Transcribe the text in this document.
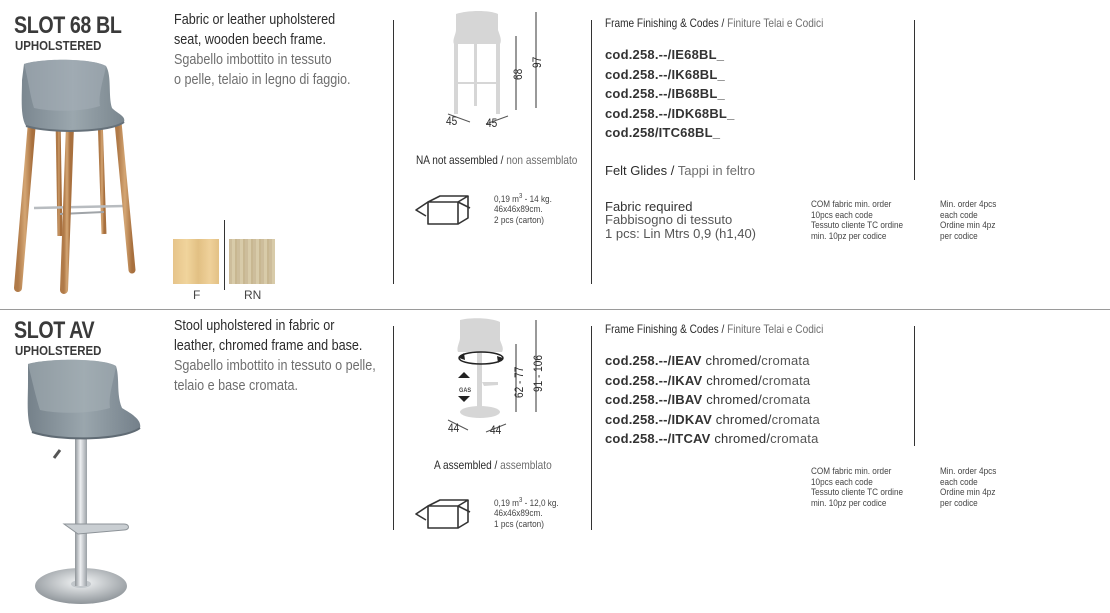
SLOT 68 BL
UPHOLSTERED
Fabric or leather upholstered
seat, wooden beech frame.
Sgabello imbottito in tessuto
o pelle, telaio in legno di faggio.
F	RN
45 45
68
97
NA not assembled / non assemblato
0,19 $m^3 - 14$ kg.
46x46x89cm.
2 pcs (carton)
Frame Finishing & Codes / Finiture Telai e Codici
cod.258.--/IE68BL_
cod.258.--/IK68BL_
cod.258.--/IB68BL_
cod.258.--/IDK68BL_
cod.258/ITC68BL_
Felt Glides / Tappi in feltro
Fabric required
Fabbisogno di tessuto
1 pcs: Lin Mtrs 0,9 (h1,40)
COM fabric min. order
10pcs each code
Tessuto cliente TC ordine
min. 10pz per codice
Min. order 4pcs
each code
Ordine min 4pz
per codice
SLOT AV
UPHOLSTERED
Stool upholstered in fabric or
leather, chromed frame and base.
Sgabello imbottito in tessuto o pelle,
telaio e base cromata.	GAS
44	44
62 - 77 91 - 106
A assembled / assemblato
0,19 $m^3 - 12,0$ kg.
46x46x89cm.
1 pcs (carton)
Frame Finishing & Codes / Finiture Telai e Codici
cod.258.--/IEAV chromed/cromata
cod.258.--/IKAV chromed/cromata
cod.258.--/IBAV chromed/cromata
cod.258.--/IDKAV chromed/cromata
cod.258.--/ITCAV chromed/cromata
COM fabric min. order
10pcs each code
Tessuto cliente TC ordine
min. 10pz per codice
Min. order 4pcs
each code
Ordine min 4pz
per codice
